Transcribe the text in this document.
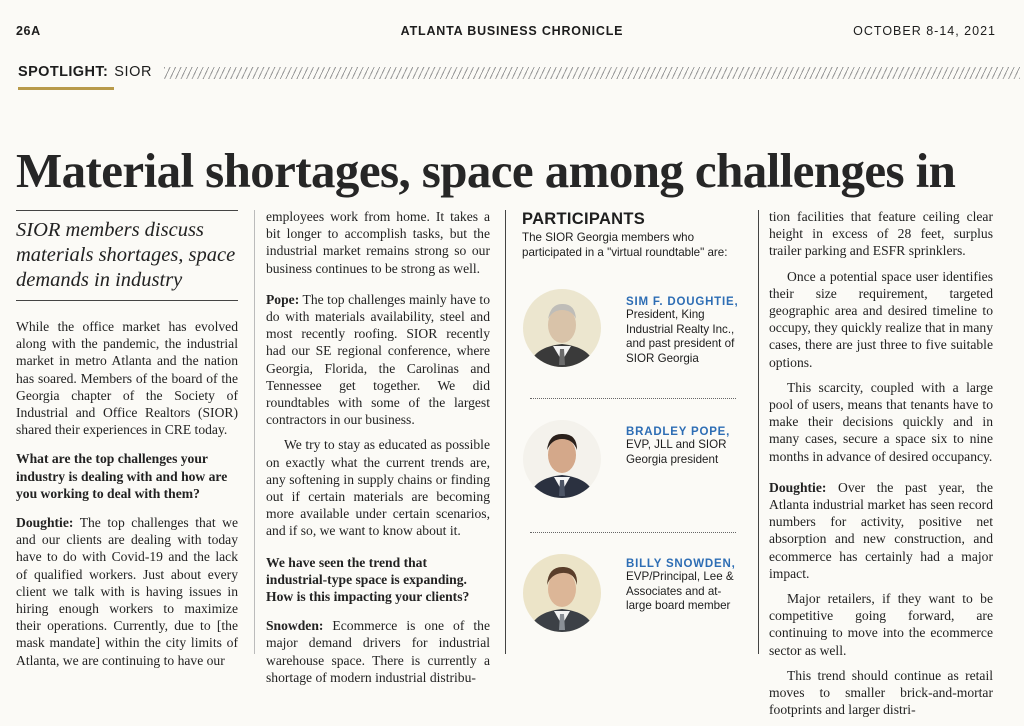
26A	ATLANTA BUSINESS CHRONICLE	OCTOBER 8-14, 2021
SPOTLIGHT: SIOR
Material shortages, space among challenges in
SIOR members discuss materials shortages, space demands in industry

While the office market has evolved along with the pandemic, the industrial market in metro Atlanta and the nation has soared. Members of the board of the Georgia chapter of the Society of Industrial and Office Realtors (SIOR) shared their experiences in CRE today.

What are the top challenges your industry is dealing with and how are you working to deal with them?

Doughtie: The top challenges that we and our clients are dealing with today have to do with Covid-19 and the lack of qualified workers. Just about every client we talk with is having issues in hiring enough workers to maximize their operations. Currently, due to [the mask mandate] within the city limits of Atlanta, we are continuing to have our

employees work from home. It takes a bit longer to accomplish tasks, but the industrial market remains strong so our business continues to be strong as well.

Pope: The top challenges mainly have to do with materials availability, steel and most recently roofing. SIOR recently had our SE regional conference, where Georgia, Florida, the Carolinas and Tennessee get together. We did roundtables with some of the largest contractors in our business.

We try to stay as educated as possible on exactly what the current trends are, any softening in supply chains or finding out if certain materials are becoming more available under certain scenarios, and if so, we want to know about it.

We have seen the trend that industrial-type space is expanding. How is this impacting your clients?

Snowden: Ecommerce is one of the major demand drivers for industrial warehouse space. There is currently a shortage of modern industrial distribu-

PARTICIPANTS
The SIOR Georgia members who participated in a "virtual roundtable" are:
SIM F. DOUGHTIE,
President, King Industrial Realty Inc., and past president of SIOR Georgia
BRADLEY POPE,
EVP, JLL and SIOR Georgia president
BILLY SNOWDEN,
EVP/Principal, Lee & Associates and at-large board member

tion facilities that feature ceiling clear height in excess of 28 feet, surplus trailer parking and ESFR sprinklers.

Once a potential space user identifies their size requirement, targeted geographic area and desired timeline to occupy, they quickly realize that in many cases, there are just three to five suitable options.

This scarcity, coupled with a large pool of users, means that tenants have to make their decisions quickly and in many cases, secure a space six to nine months in advance of desired occupancy.

Doughtie: Over the past year, the Atlanta industrial market has seen record numbers for activity, positive net absorption and new construction, and ecommerce has certainly had a major impact.

Major retailers, if they want to be competitive going forward, are continuing to move into the ecommerce sector as well.

This trend should continue as retail moves to smaller brick-and-mortar footprints and larger distri-
